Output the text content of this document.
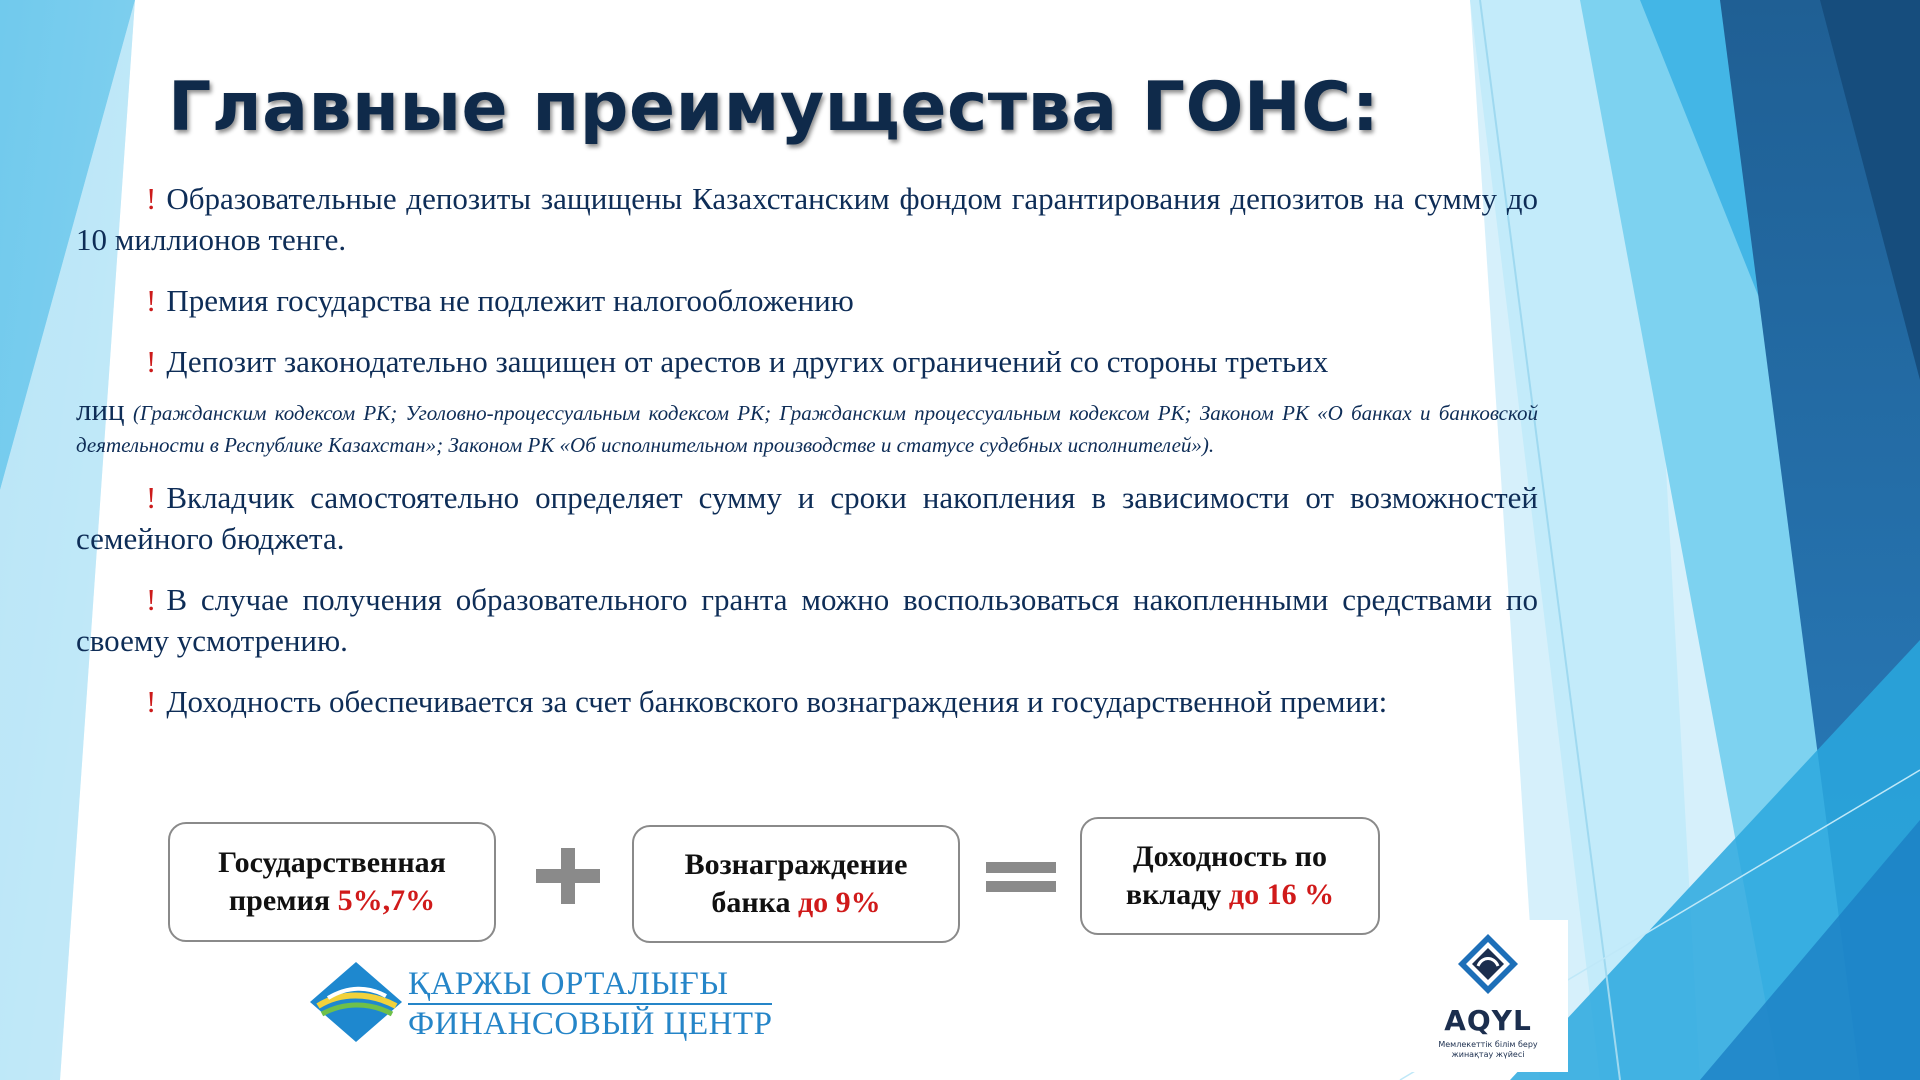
Главные преимущества ГОНС:

! Образовательные депозиты защищены Казахстанским фондом гарантирования депозитов на сумму до 10 миллионов тенге.

! Премия государства не подлежит налогообложению

! Депозит законодательно защищен от арестов и других ограничений со стороны третьих

лиц (Гражданским кодексом РК; Уголовно-процессуальным кодексом РК; Гражданским процессуальным кодексом РК; Законом РК «О банках и банковской деятельности в Республике Казахстан»; Законом РК «Об исполнительном производстве и статусе судебных исполнителей»).

! Вкладчик самостоятельно определяет сумму и сроки накопления в зависимости от возможностей семейного бюджета.

! В случае получения образовательного гранта можно воспользоваться накопленными средствами по своему усмотрению.

! Доходность обеспечивается за счет банковского вознаграждения и государственной премии:

Государственная
премия 5%,7%
Вознаграждение
банка до 9%
Доходность по
вкладу до 16 %
ҚАРЖЫ ОРТАЛЫҒЫ
ФИНАНСОВЫЙ ЦЕНТР	AQYL
Мемлекеттік білім беру жинақтау жүйесі
